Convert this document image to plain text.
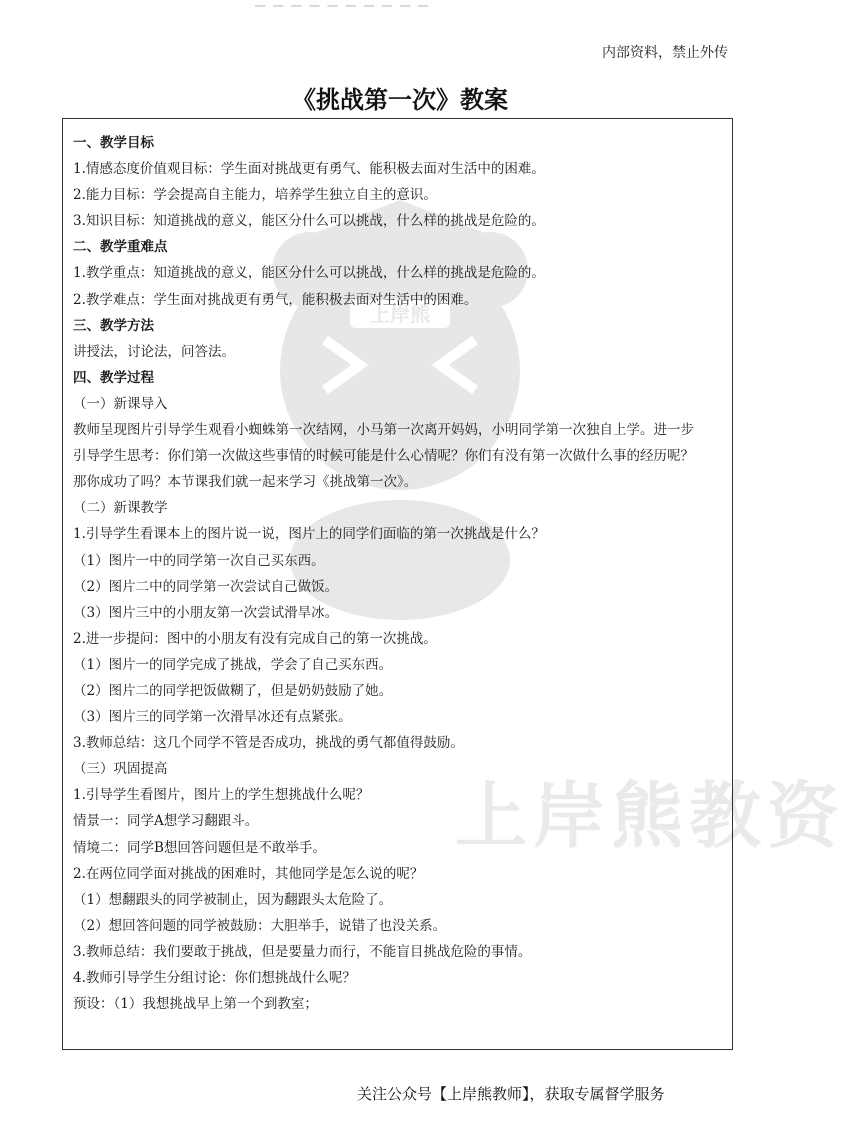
▔ ▔ ▔ ▔ ▔ ▔ ▔ ▔ ▔ ▔
内部资料，禁止外传
《挑战第一次》教案
上岸熊
上岸熊教资
一、教学目标
1.情感态度价值观目标：学生面对挑战更有勇气、能积极去面对生活中的困难。
2.能力目标：学会提高自主能力，培养学生独立自主的意识。
3.知识目标：知道挑战的意义，能区分什么可以挑战，什么样的挑战是危险的。
二、教学重难点
1.教学重点：知道挑战的意义，能区分什么可以挑战，什么样的挑战是危险的。
2.教学难点：学生面对挑战更有勇气，能积极去面对生活中的困难。
三、教学方法
讲授法，讨论法，问答法。
四、教学过程
（一）新课导入
教师呈现图片引导学生观看小蜘蛛第一次结网，小马第一次离开妈妈，小明同学第一次独自上学。进一步
引导学生思考：你们第一次做这些事情的时候可能是什么心情呢？你们有没有第一次做什么事的经历呢？
那你成功了吗？本节课我们就一起来学习《挑战第一次》。
（二）新课教学
1.引导学生看课本上的图片说一说，图片上的同学们面临的第一次挑战是什么？
（1）图片一中的同学第一次自己买东西。
（2）图片二中的同学第一次尝试自己做饭。
（3）图片三中的小朋友第一次尝试滑旱冰。
2.进一步提问：图中的小朋友有没有完成自己的第一次挑战。
（1）图片一的同学完成了挑战，学会了自己买东西。
（2）图片二的同学把饭做糊了，但是奶奶鼓励了她。
（3）图片三的同学第一次滑旱冰还有点紧张。
3.教师总结：这几个同学不管是否成功，挑战的勇气都值得鼓励。
（三）巩固提高
1.引导学生看图片，图片上的学生想挑战什么呢？
情景一：同学A想学习翻跟斗。
情境二：同学B想回答问题但是不敢举手。
2.在两位同学面对挑战的困难时，其他同学是怎么说的呢？
（1）想翻跟头的同学被制止，因为翻跟头太危险了。
（2）想回答问题的同学被鼓励：大胆举手，说错了也没关系。
3.教师总结：我们要敢于挑战，但是要量力而行，不能盲目挑战危险的事情。
4.教师引导学生分组讨论：你们想挑战什么呢？
预设：（1）我想挑战早上第一个到教室；
关注公众号【上岸熊教师】，获取专属督学服务
